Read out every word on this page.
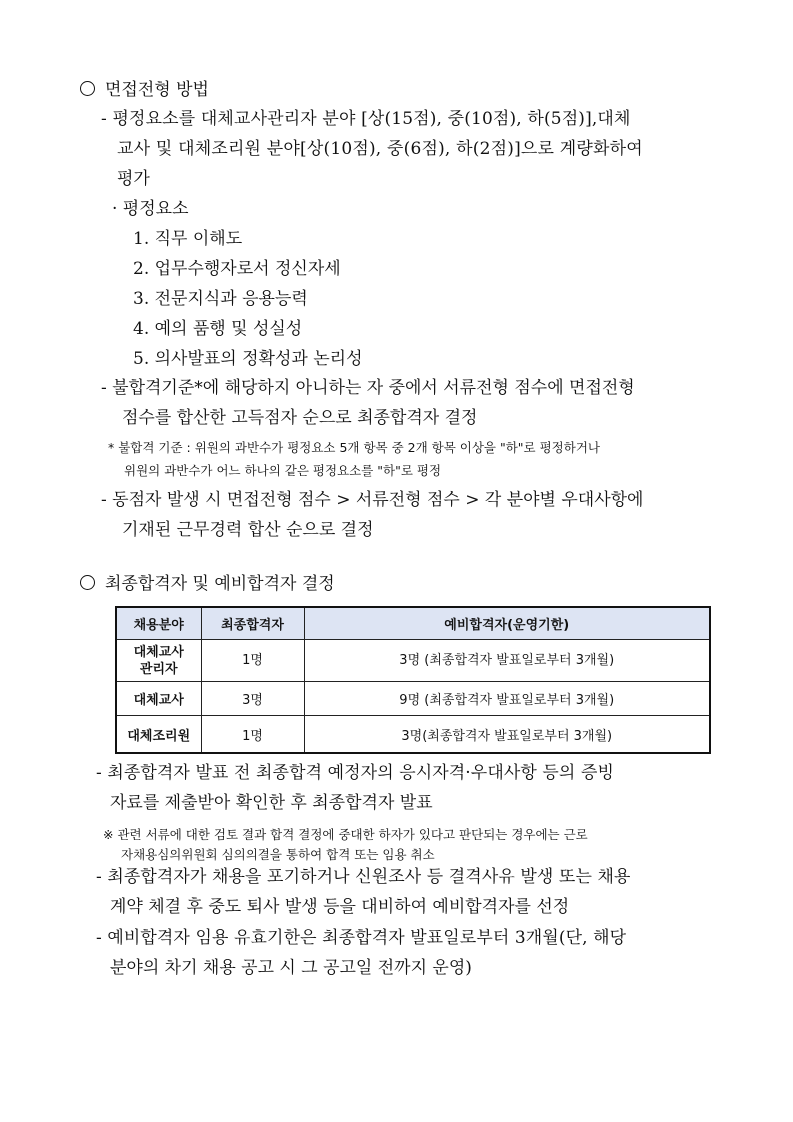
면접전형 방법
- 평정요소를 대체교사관리자 분야 [상(15점), 중(10점), 하(5점)],대체
교사 및 대체조리원 분야[상(10점), 중(6점), 하(2점)]으로 계량화하여
평가
· 평정요소
1. 직무 이해도
2. 업무수행자로서 정신자세
3. 전문지식과 응용능력
4. 예의 품행 및 성실성
5. 의사발표의 정확성과 논리성
- 불합격기준*에 해당하지 아니하는 자 중에서 서류전형 점수에 면접전형
점수를 합산한 고득점자 순으로 최종합격자 결정
* 불합격 기준 : 위원의 과반수가 평정요소 5개 항목 중 2개 항목 이상을 "하"로 평정하거나
위원의 과반수가 어느 하나의 같은 평정요소를 "하"로 평정
- 동점자 발생 시 면접전형 점수 > 서류전형 점수 > 각 분야별 우대사항에
기재된 근무경력 합산 순으로 결정
최종합격자 및 예비합격자 결정
채용분야	최종합격자	예비합격자(운영기한)
대체교사
관리자	1명	3명 (최종합격자 발표일로부터 3개월)
대체교사	3명	9명 (최종합격자 발표일로부터 3개월)
대체조리원	1명	3명(최종합격자 발표일로부터 3개월)
- 최종합격자 발표 전 최종합격 예정자의 응시자격·우대사항 등의 증빙
자료를 제출받아 확인한 후 최종합격자 발표
※ 관련 서류에 대한 검토 결과 합격 결정에 중대한 하자가 있다고 판단되는 경우에는 근로
자채용심의위원회 심의의결을 통하여 합격 또는 임용 취소
- 최종합격자가 채용을 포기하거나 신원조사 등 결격사유 발생 또는 채용
계약 체결 후 중도 퇴사 발생 등을 대비하여 예비합격자를 선정
- 예비합격자 임용 유효기한은 최종합격자 발표일로부터 3개월(단, 해당
분야의 차기 채용 공고 시 그 공고일 전까지 운영)
